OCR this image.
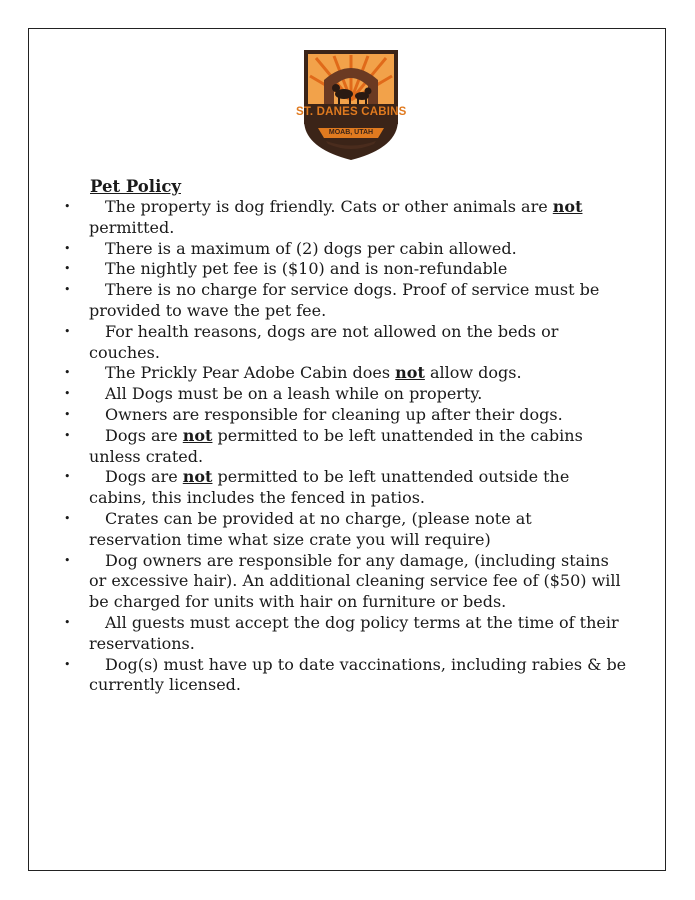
ST. DANES CABINS
MOAB, UTAH
Pet Policy
• The property is dog friendly. Cats or other animals are not permitted.
• There is a maximum of (2) dogs per cabin allowed.
• The nightly pet fee is ($10) and is non-refundable
• There is no charge for service dogs. Proof of service must be provided to wave the pet fee.
• For health reasons, dogs are not allowed on the beds or couches.
• The Prickly Pear Adobe Cabin does not allow dogs.
• All Dogs must be on a leash while on property.
• Owners are responsible for cleaning up after their dogs.
• Dogs are not permitted to be left unattended in the cabins unless crated.
• Dogs are not permitted to be left unattended outside the cabins, this includes the fenced in patios.
• Crates can be provided at no charge, (please note at reservation time what size crate you will require)
• Dog owners are responsible for any damage, (including stains or excessive hair). An additional cleaning service fee of ($50) will be charged for units with hair on furniture or beds.
• All guests must accept the dog policy terms at the time of their reservations.
• Dog(s) must have up to date vaccinations, including rabies & be currently licensed.
